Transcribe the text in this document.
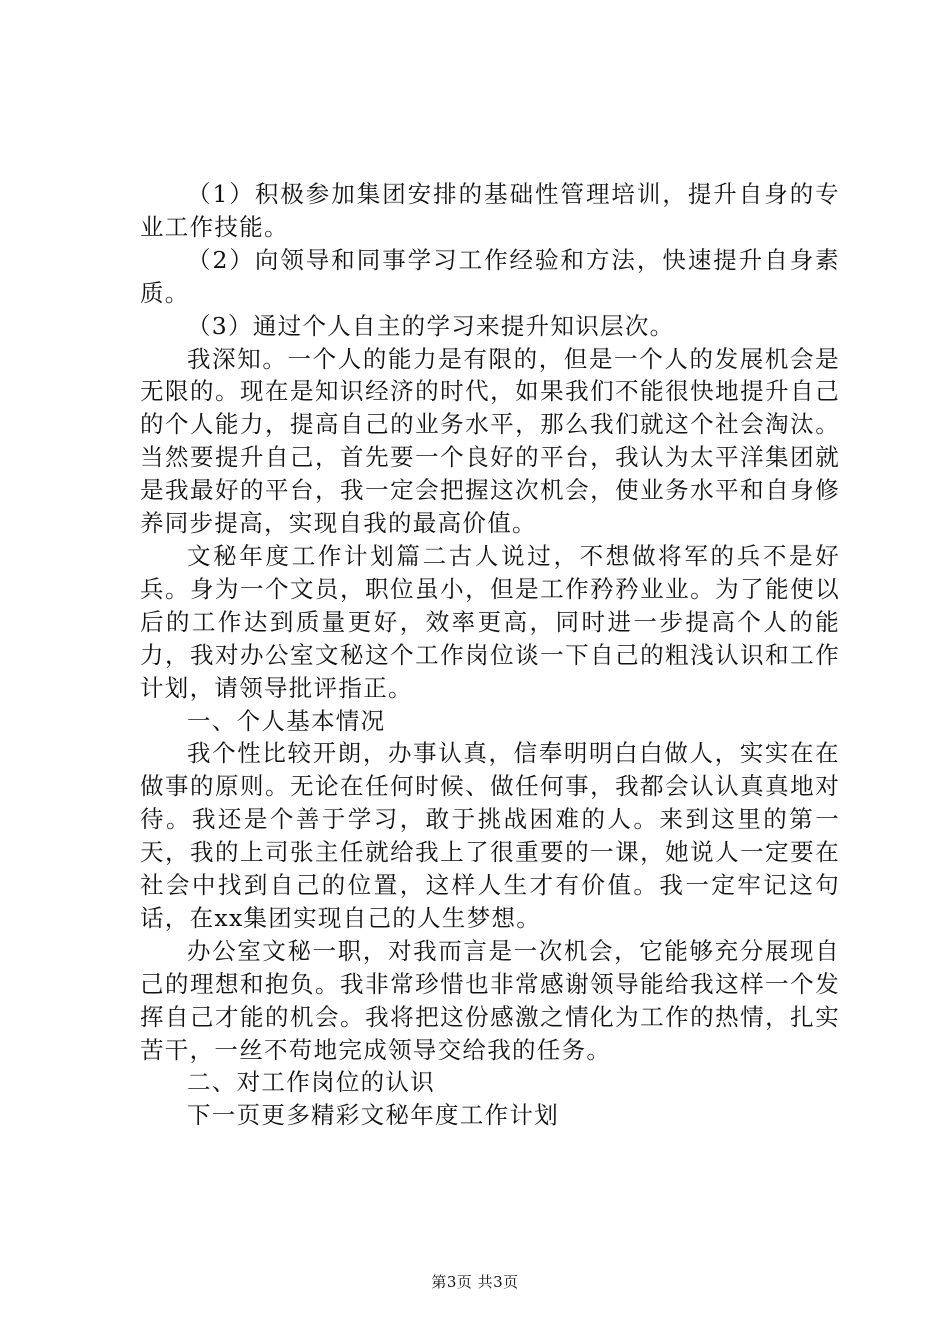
（1）积极参加集团安排的基础性管理培训，提升自身的专业工作技能。

（2）向领导和同事学习工作经验和方法，快速提升自身素质。

（3）通过个人自主的学习来提升知识层次。

我深知。一个人的能力是有限的，但是一个人的发展机会是无限的。现在是知识经济的时代，如果我们不能很快地提升自己的个人能力，提高自己的业务水平，那么我们就这个社会淘汰。当然要提升自己，首先要一个良好的平台，我认为太平洋集团就是我最好的平台，我一定会把握这次机会，使业务水平和自身修养同步提高，实现自我的最高价值。

文秘年度工作计划篇二古人说过，不想做将军的兵不是好兵。身为一个文员，职位虽小，但是工作矜矜业业。为了能使以后的工作达到质量更好，效率更高，同时进一步提高个人的能力，我对办公室文秘这个工作岗位谈一下自己的粗浅认识和工作计划，请领导批评指正。

一、个人基本情况

我个性比较开朗，办事认真，信奉明明白白做人，实实在在做事的原则。无论在任何时候、做任何事，我都会认认真真地对待。我还是个善于学习，敢于挑战困难的人。来到这里的第一天，我的上司张主任就给我上了很重要的一课，她说人一定要在社会中找到自己的位置，这样人生才有价值。我一定牢记这句话，在xx集团实现自己的人生梦想。

办公室文秘一职，对我而言是一次机会，它能够充分展现自己的理想和抱负。我非常珍惜也非常感谢领导能给我这样一个发挥自己才能的机会。我将把这份感激之情化为工作的热情，扎实苦干，一丝不苟地完成领导交给我的任务。

二、对工作岗位的认识

下一页更多精彩文秘年度工作计划

第3页 共3页
